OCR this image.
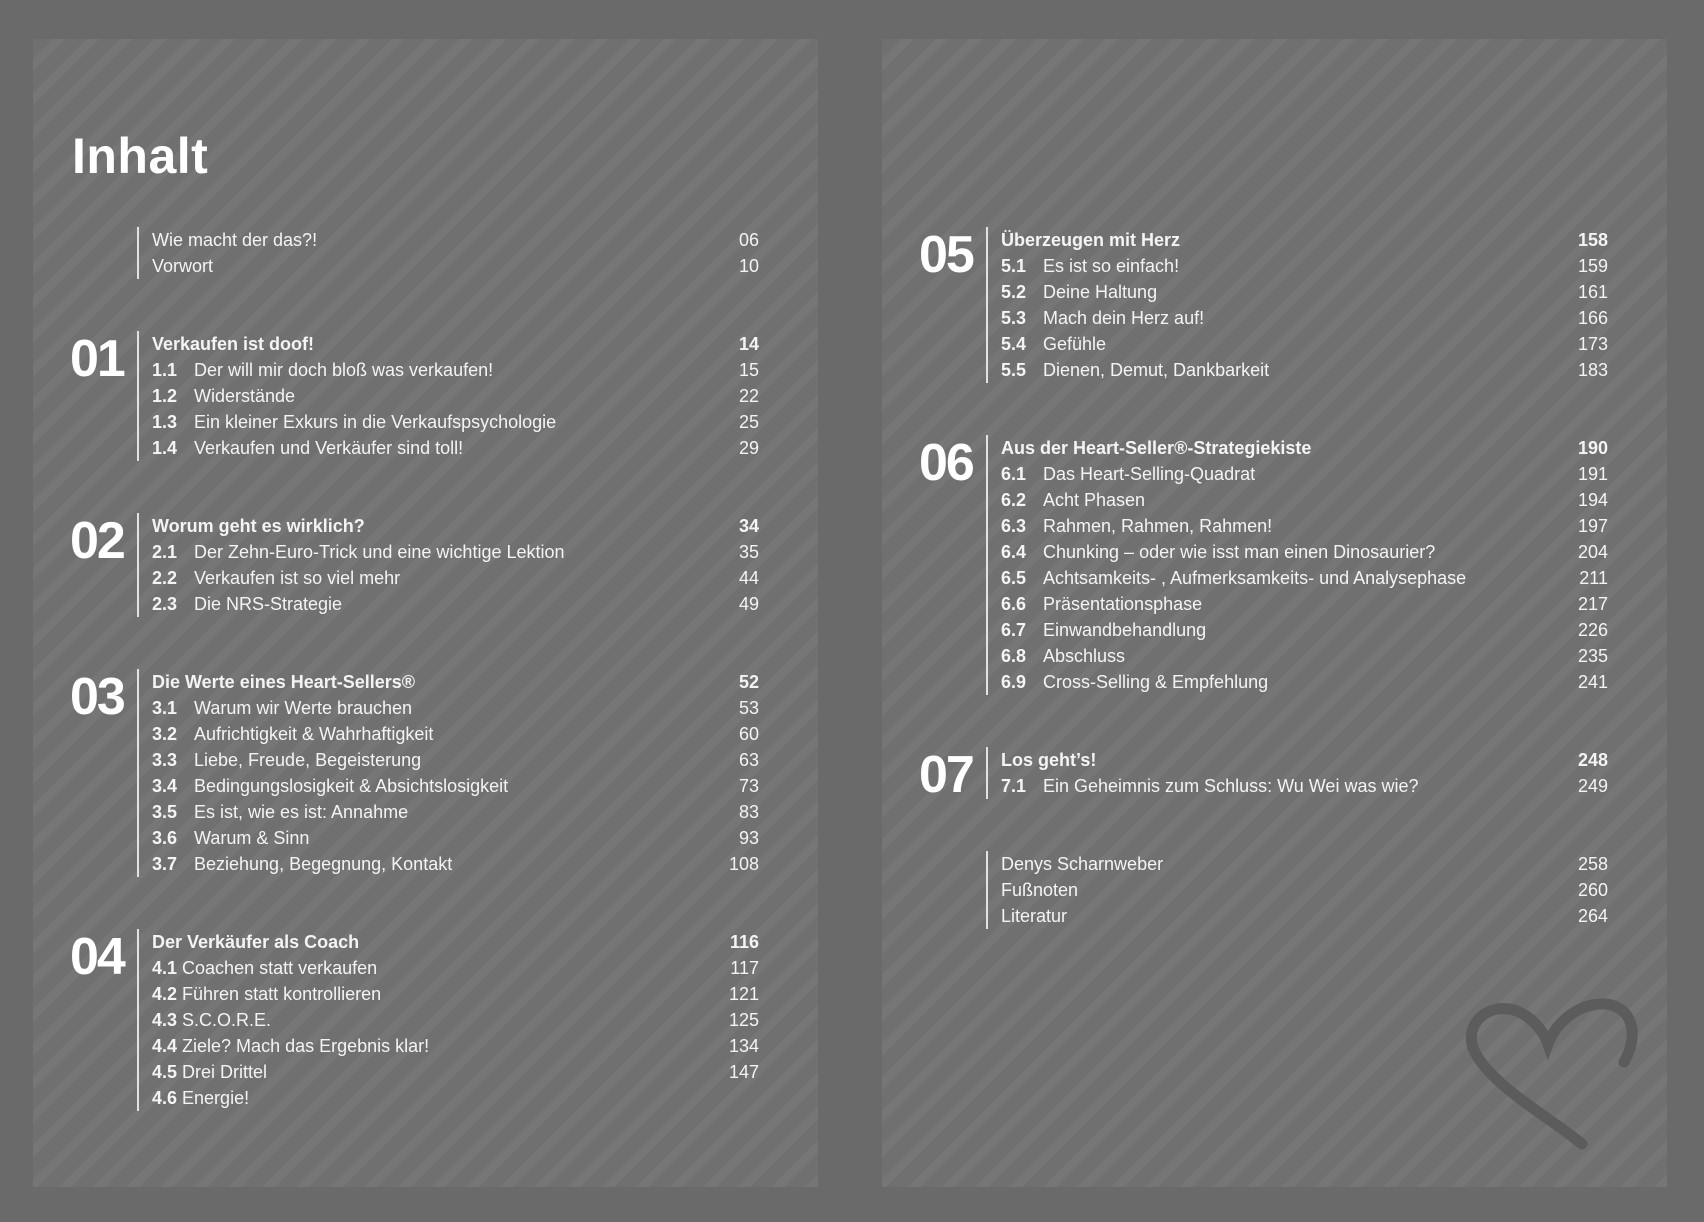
Inhalt
Wie macht der das?!	06
Vorwort	10
01 Verkaufen ist doof!	14
1.1 Der will mir doch bloß was verkaufen!	15
1.2 Widerstände	22
1.3 Ein kleiner Exkurs in die Verkaufspsychologie	25
1.4 Verkaufen und Verkäufer sind toll!	29
02 Worum geht es wirklich?	34
2.1 Der Zehn-Euro-Trick und eine wichtige Lektion	35
2.2 Verkaufen ist so viel mehr	44
2.3 Die NRS-Strategie	49
03 Die Werte eines Heart-Sellers®	52
3.1 Warum wir Werte brauchen	53
3.2 Aufrichtigkeit & Wahrhaftigkeit	60
3.3 Liebe, Freude, Begeisterung	63
3.4 Bedingungslosigkeit & Absichtslosigkeit	73
3.5 Es ist, wie es ist: Annahme	83
3.6 Warum & Sinn	93
3.7 Beziehung, Begegnung, Kontakt	108
04 Der Verkäufer als Coach	116
4.1 Coachen statt verkaufen	117
4.2 Führen statt kontrollieren	121
4.3 S.C.O.R.E.	125
4.4 Ziele? Mach das Ergebnis klar!	134
4.5 Drei Drittel	147
4.6 Energie!
05 Überzeugen mit Herz	158
5.1 Es ist so einfach!	159
5.2 Deine Haltung	161
5.3 Mach dein Herz auf!	166
5.4 Gefühle	173
5.5 Dienen, Demut, Dankbarkeit	183
06 Aus der Heart-Seller®-Strategiekiste	190
6.1 Das Heart-Selling-Quadrat	191
6.2 Acht Phasen	194
6.3 Rahmen, Rahmen, Rahmen!	197
6.4 Chunking – oder wie isst man einen Dinosaurier?	204
6.5 Achtsamkeits- , Aufmerksamkeits- und Analysephase	211
6.6 Präsentationsphase	217
6.7 Einwandbehandlung	226
6.8 Abschluss	235
6.9 Cross-Selling & Empfehlung	241
07 Los geht’s!	248
7.1 Ein Geheimnis zum Schluss: Wu Wei was wie?	249
Denys Scharnweber	258
Fußnoten	260
Literatur	264
